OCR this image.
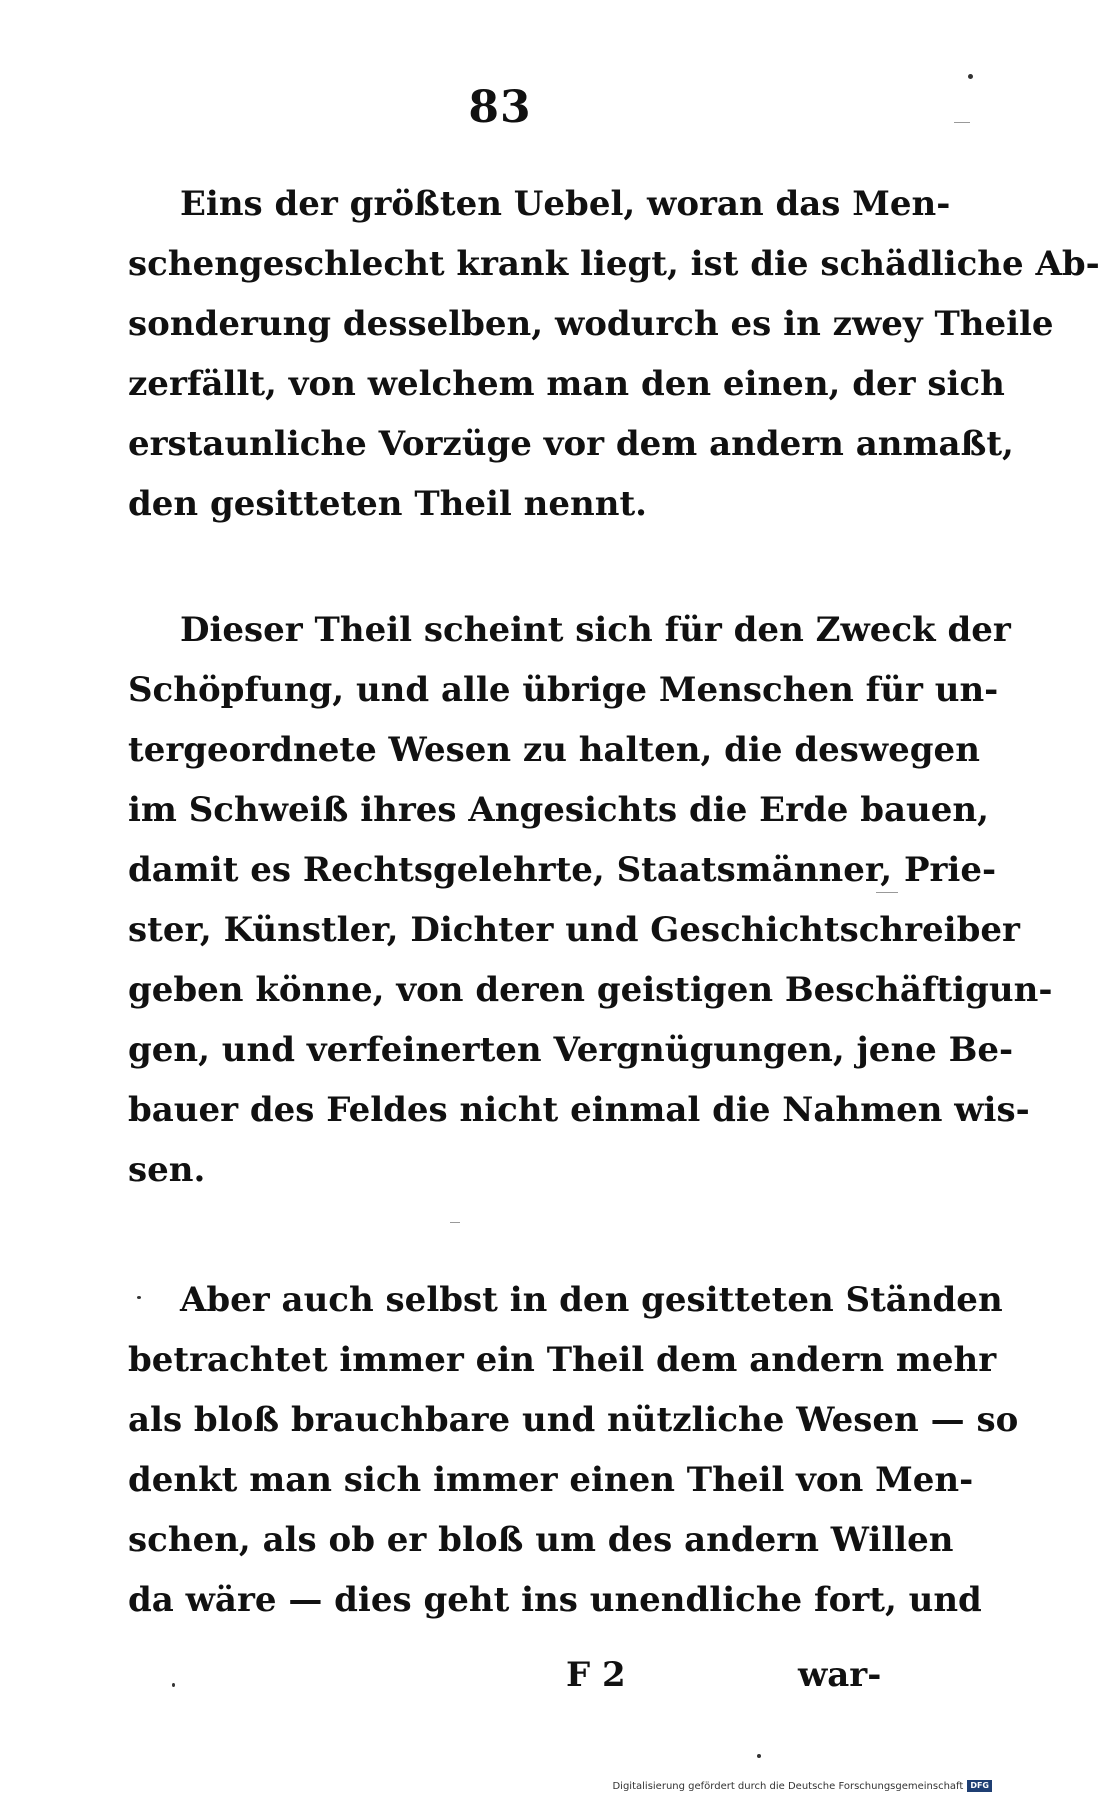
83
Eins der größten Uebel, woran das Men-
schengeschlecht krank liegt, ist die schädliche Ab-
sonderung desselben, wodurch es in zwey Theile
zerfällt, von welchem man den einen, der sich
erstaunliche Vorzüge vor dem andern anmaßt,
den gesitteten Theil nennt.
Dieser Theil scheint sich für den Zweck der
Schöpfung, und alle übrige Menschen für un-
tergeordnete Wesen zu halten, die deswegen
im Schweiß ihres Angesichts die Erde bauen,
damit es Rechtsgelehrte, Staatsmänner, Prie-
ster, Künstler, Dichter und Geschichtschreiber
geben könne, von deren geistigen Beschäftigun-
gen, und verfeinerten Vergnügungen, jene Be-
bauer des Feldes nicht einmal die Nahmen wis-
sen.
Aber auch selbst in den gesitteten Ständen
betrachtet immer ein Theil dem andern mehr
als bloß brauchbare und nützliche Wesen — so
denkt man sich immer einen Theil von Men-
schen, als ob er bloß um des andern Willen
da wäre — dies geht ins unendliche fort, und
F 2	war-
Digitalisierung gefördert durch die Deutsche Forschungsgemeinschaft DFG
